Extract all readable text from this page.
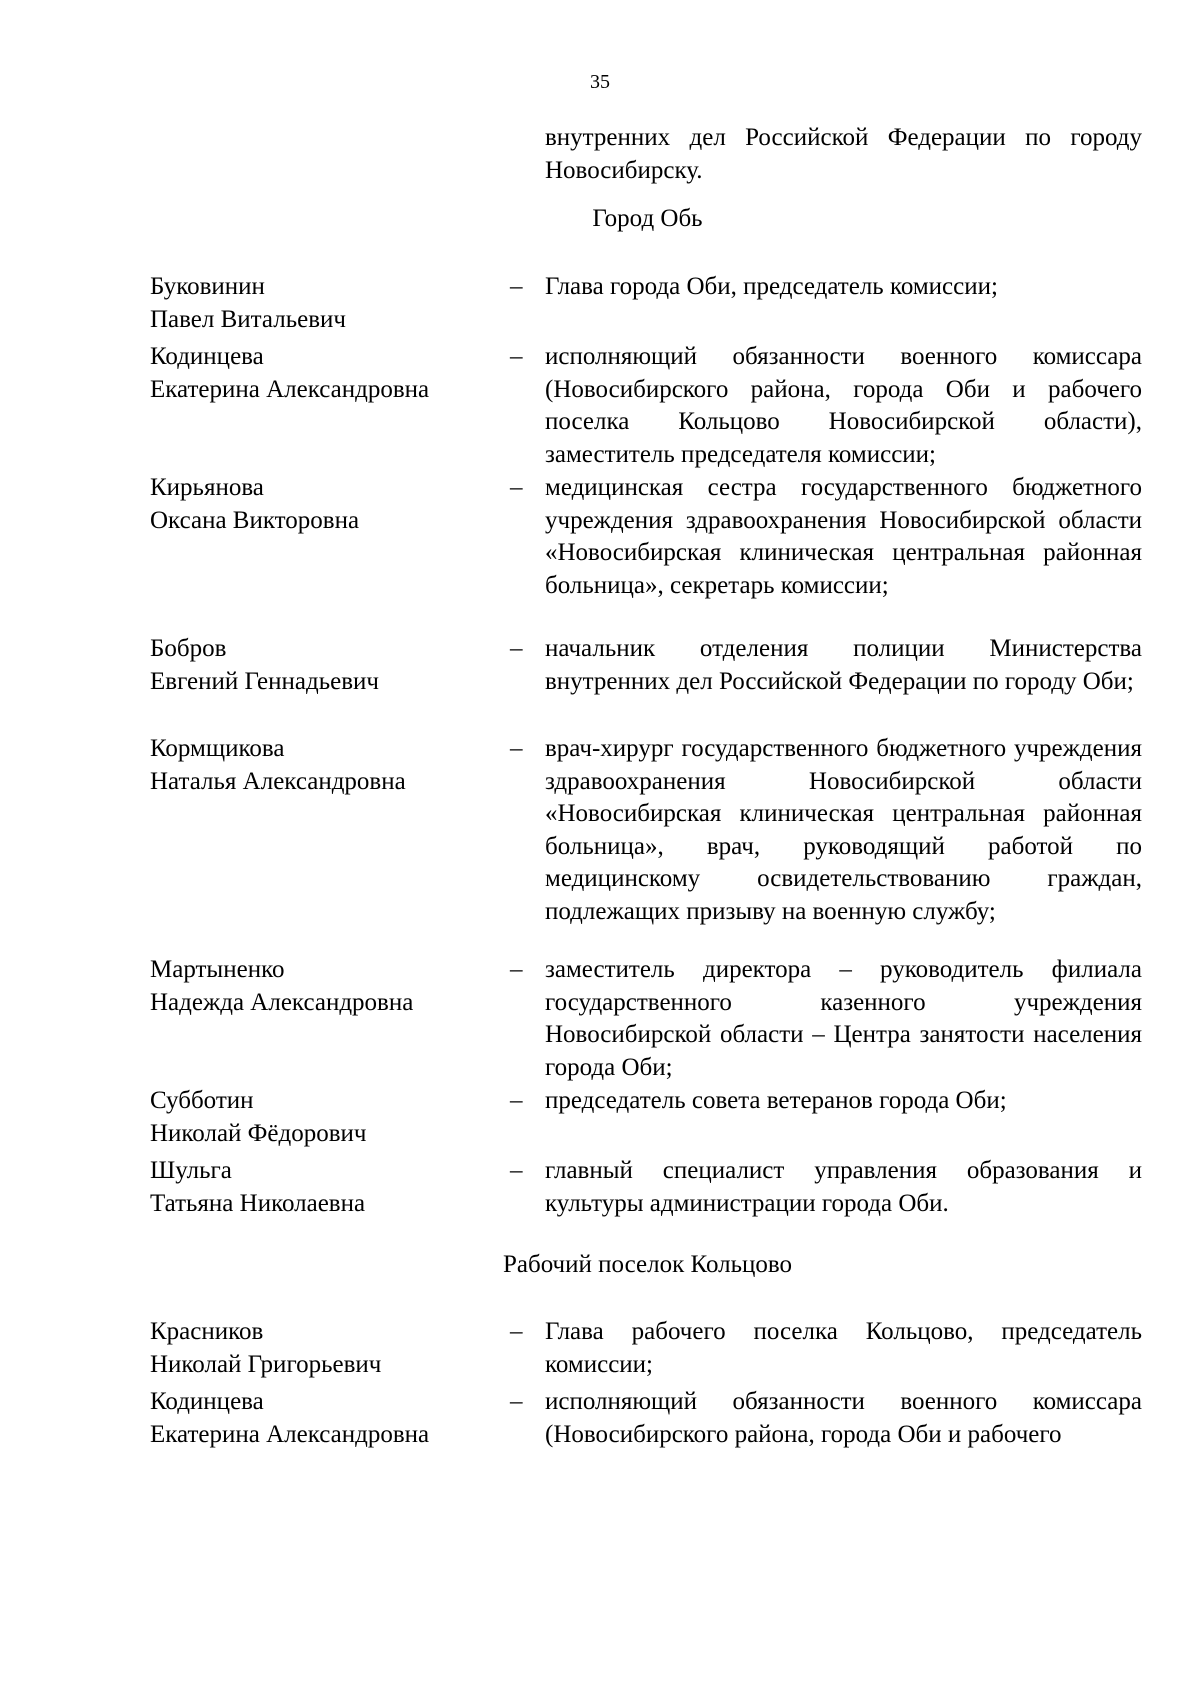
35
внутренних дел Российской Федерации по городу Новосибирску.
Город Обь
Буковинин
Павел Витальевич
– Глава города Оби, председатель комиссии;
Кодинцева
Екатерина Александровна
– исполняющий обязанности военного комиссара (Новосибирского района, города Оби и рабочего поселка Кольцово Новосибирской области), заместитель председателя комиссии;
Кирьянова
Оксана Викторовна
– медицинская сестра государственного бюджетного учреждения здравоохранения Новосибирской области «Новосибирская клиническая центральная районная больница», секретарь комиссии;
Бобров
Евгений Геннадьевич
– начальник отделения полиции Министерства внутренних дел Российской Федерации по городу Оби;
Кормщикова
Наталья Александровна
– врач-хирург государственного бюджетного учреждения здравоохранения Новосибирской области «Новосибирская клиническая центральная районная больница», врач, руководящий работой по медицинскому освидетельствованию граждан, подлежащих призыву на военную службу;
Мартыненко
Надежда Александровна
– заместитель директора – руководитель филиала государственного казенного учреждения Новосибирской области – Центра занятости населения города Оби;
Субботин
Николай Фёдорович
– председатель совета ветеранов города Оби;
Шульга
Татьяна Николаевна
– главный специалист управления образования и культуры администрации города Оби.
Рабочий поселок Кольцово
Красников
Николай Григорьевич
– Глава рабочего поселка Кольцово, председатель комиссии;
Кодинцева
Екатерина Александровна
– исполняющий обязанности военного комиссара (Новосибирского района, города Оби и рабочего
